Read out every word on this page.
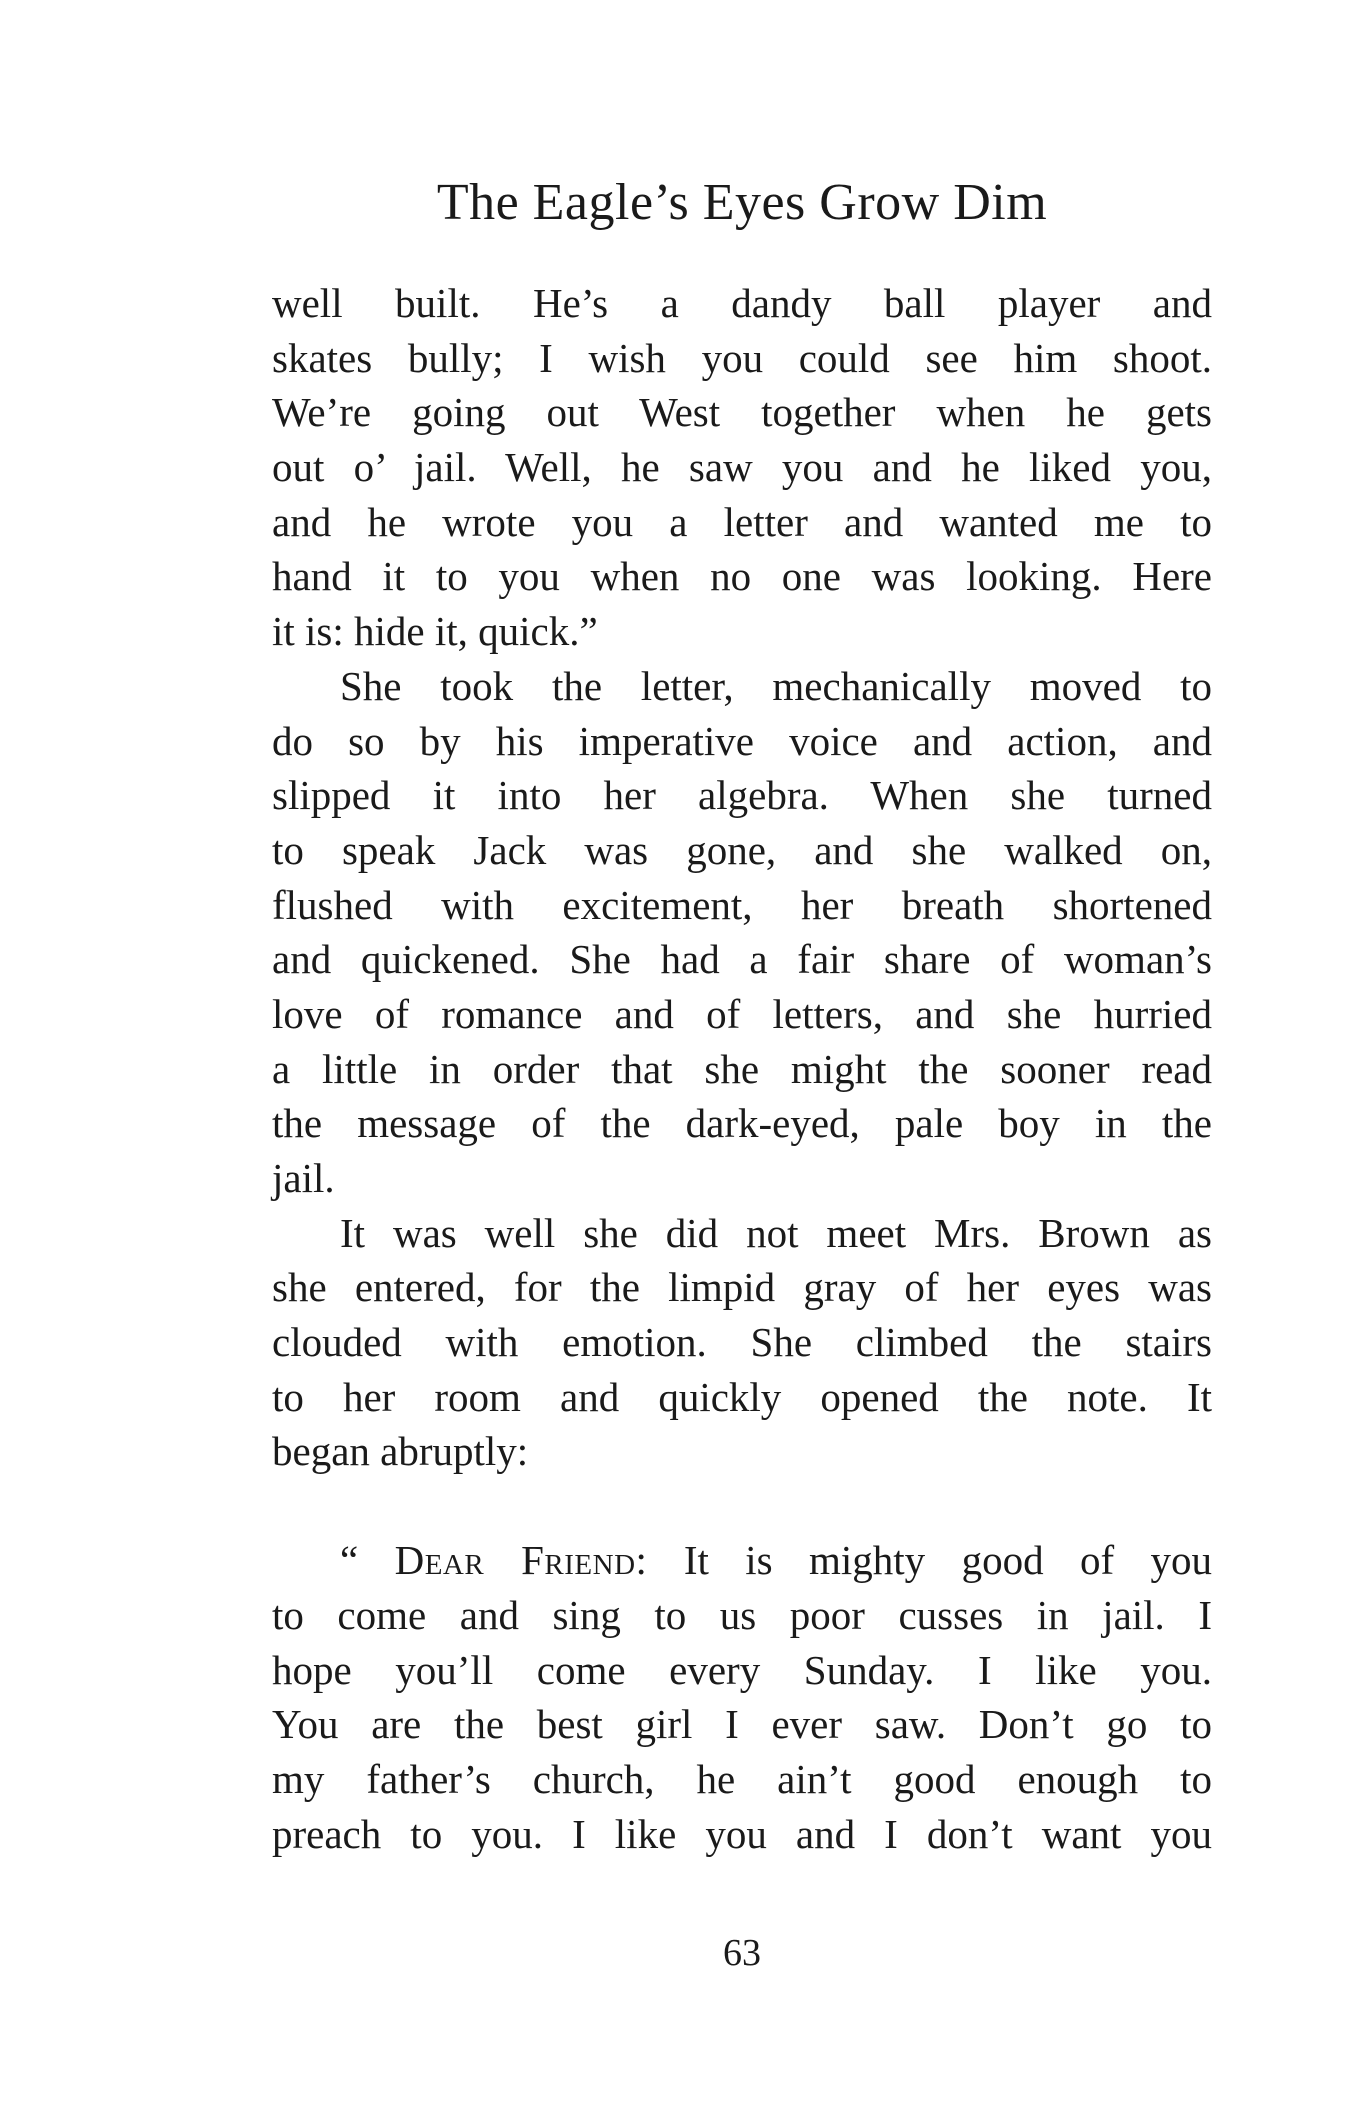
The Eagle’s Eyes Grow Dim
well built. He’s a dandy ball player and
skates bully; I wish you could see him shoot.
We’re going out West together when he gets
out o’ jail. Well, he saw you and he liked you,
and he wrote you a letter and wanted me to
hand it to you when no one was looking. Here
it is: hide it, quick.”
She took the letter, mechanically moved to
do so by his imperative voice and action, and
slipped it into her algebra. When she turned
to speak Jack was gone, and she walked on,
flushed with excitement, her breath shortened
and quickened. She had a fair share of woman’s
love of romance and of letters, and she hurried
a little in order that she might the sooner read
the message of the dark-eyed, pale boy in the
jail.
It was well she did not meet Mrs. Brown as
she entered, for the limpid gray of her eyes was
clouded with emotion. She climbed the stairs
to her room and quickly opened the note. It
began abruptly:
“ Dear Friend: It is mighty good of you
to come and sing to us poor cusses in jail. I
hope you’ll come every Sunday. I like you.
You are the best girl I ever saw. Don’t go to
my father’s church, he ain’t good enough to
preach to you. I like you and I don’t want you
63
